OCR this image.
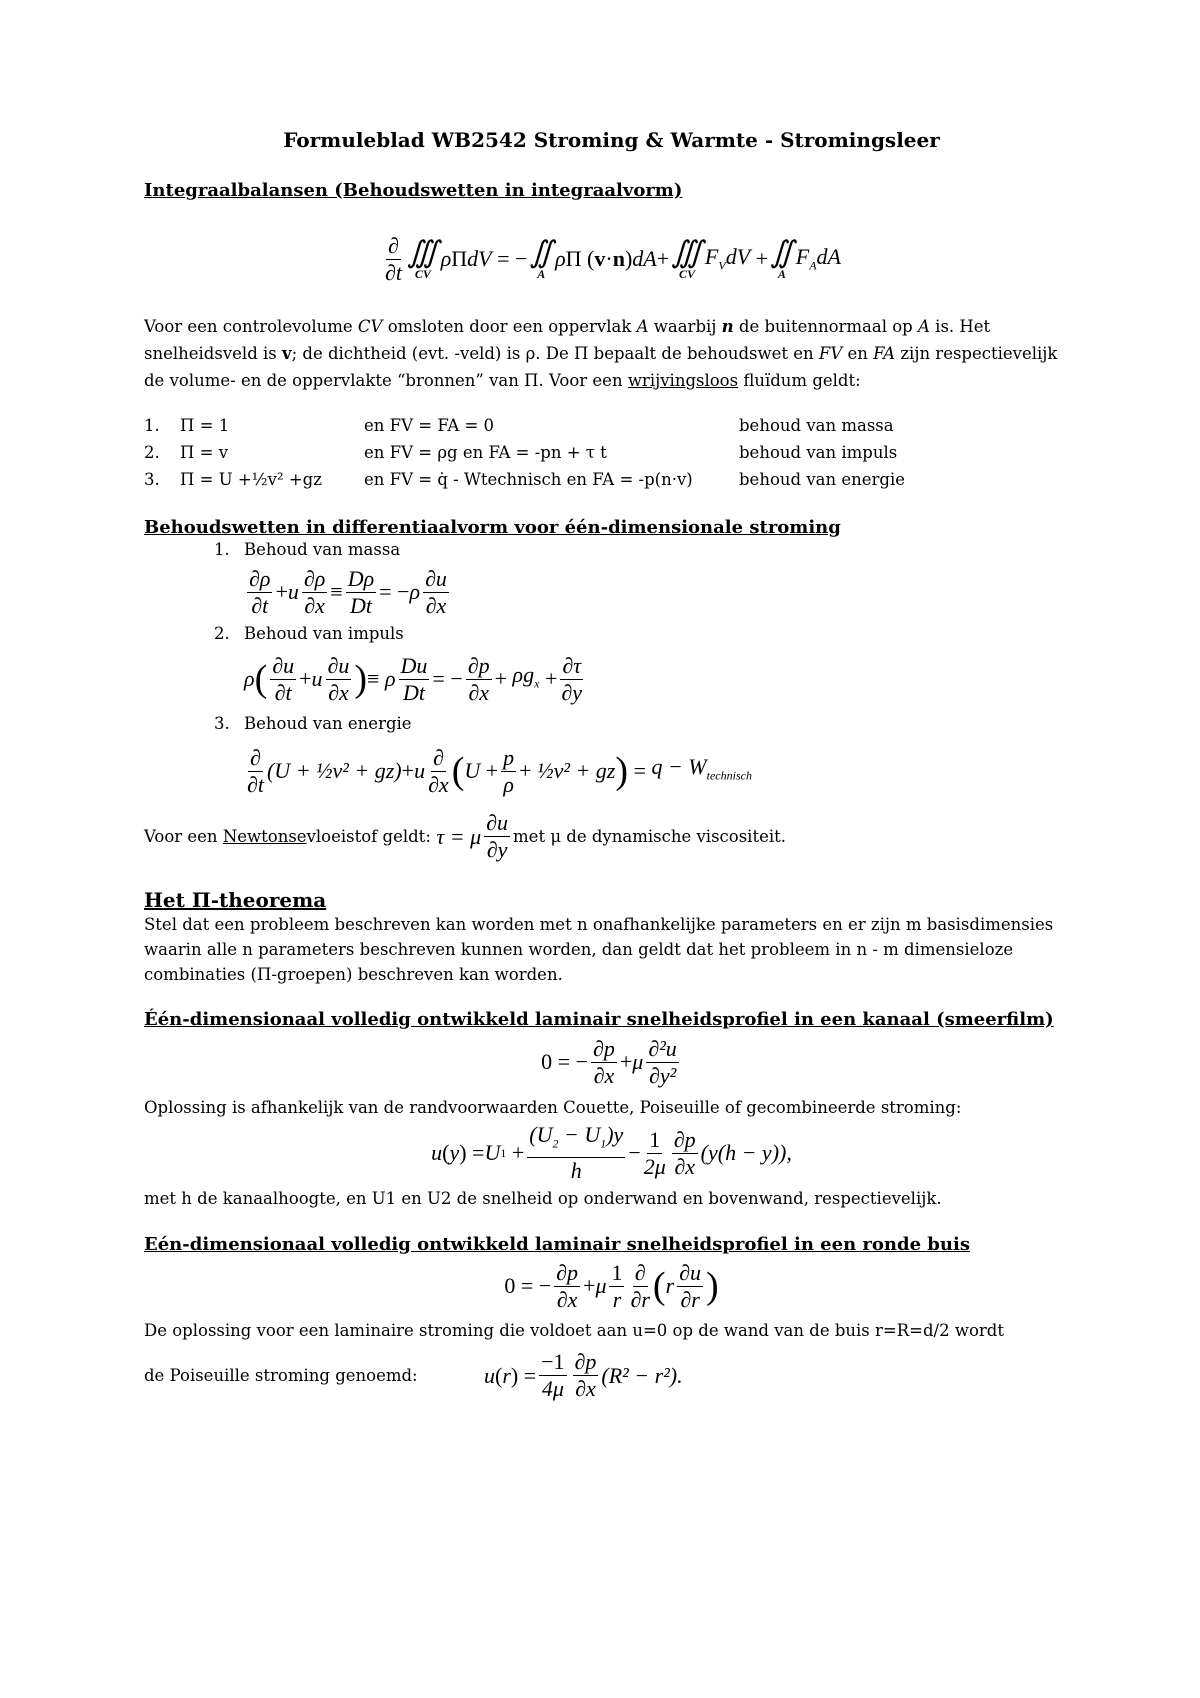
Formuleblad WB2542 Stroming & Warmte - Stromingsleer
Integraalbalansen (Behoudswetten in integraalvorm)
$\frac{\partial}{\partial t}$ ∭
CV
ρ Π dV = − ∬
A
ρ Π ( v · n ) dA + ∭
CV
$F_VdV$ + ∬
A
$F_AdA$

Voor een controlevolume CV omsloten door een oppervlak A waarbij n de buitennormaal op A is. Het snelheidsveld is v; de dichtheid (evt. -veld) is ρ. De Π bepaalt de behoudswet en FV en FA zijn respectievelijk de volume- en de oppervlakte “bronnen” van Π. Voor een wrijvingsloos fluïdum geldt:

1.	Π = 1	en FV = FA = 0	behoud van massa
2.	Π = v	en FV = ρg en FA = -pn + τ t	behoud van impuls
3.	Π = U +½v² +gz	en FV = q̇ - Wtechnisch en FA = -p(n·v)	behoud van energie
Behoudswetten in differentiaalvorm voor één-dimensionale stroming
1. Behoud van massa
$\frac{\partial\rho}{\partial t} + u \frac{\partial\rho}{\partial x} \equiv \frac{D\rho}{Dt}$ = − ρ $\frac{\partial u}{\partial x}$
2. Behoud van impuls
ρ ( $\frac{\partial u}{\partial t} + u \frac{\partial u}{\partial x}$ ) ≡ ρ $\frac{Du}{Dt}$ = − $\frac{\partial p}{\partial x} + \rho g_x + \frac{\partial\tau}{\partial y}$
3. Behoud van energie
$\frac{\partial}{\partial t} (U$ + ½v² + gz) + u $\frac{\partial}{\partial x}$ ( $U + \frac{p}{\rho}$ + ½v² + gz ) = $q - W_{technisch}$
Voor een
Newtonse vloeistof geldt: τ = μ $\frac{\partial u}{\partial y}$ met μ de dynamische viscositeit.
Het Π-theorema

Stel dat een probleem beschreven kan worden met n onafhankelijke parameters en er zijn m basisdimensies waarin alle n parameters beschreven kunnen worden, dan geldt dat het probleem in n - m dimensieloze combinaties (Π-groepen) beschreven kan worden.

Één-dimensionaal volledig ontwikkeld laminair snelheidsprofiel in een kanaal (smeerfilm)
0 = − $\frac{\partial p}{\partial x} + \mu \frac{\text{∂²u}}{\text{∂y²}}$

Oplossing is afhankelijk van de randvoorwaarden Couette, Poiseuille of gecombineerde stroming:

u ( y ) = U $1 + \frac{(U_2 - U_1)y}{h} - \frac{1}{2\mu} \frac{\partial p}{\partial x} (y(h - y))$,

met h de kanaalhoogte, en U1 en U2 de snelheid op onderwand en bovenwand, respectievelijk.

Eén-dimensionaal volledig ontwikkeld laminair snelheidsprofiel in een ronde buis
0 = − $\frac{\partial p}{\partial x} + \mu \frac{1}{r} \frac{\partial}{\partial r}$ ( r $\frac{\partial u}{\partial r}$ )

De oplossing voor een laminaire stroming die voldoet aan u=0 op de wand van de buis r=R=d/2 wordt

de Poiseuille stroming genoemd:	u ( r ) = $\frac{-1}{4\mu} \frac{\partial p}{\partial x} (R^2 - r^2)$.
